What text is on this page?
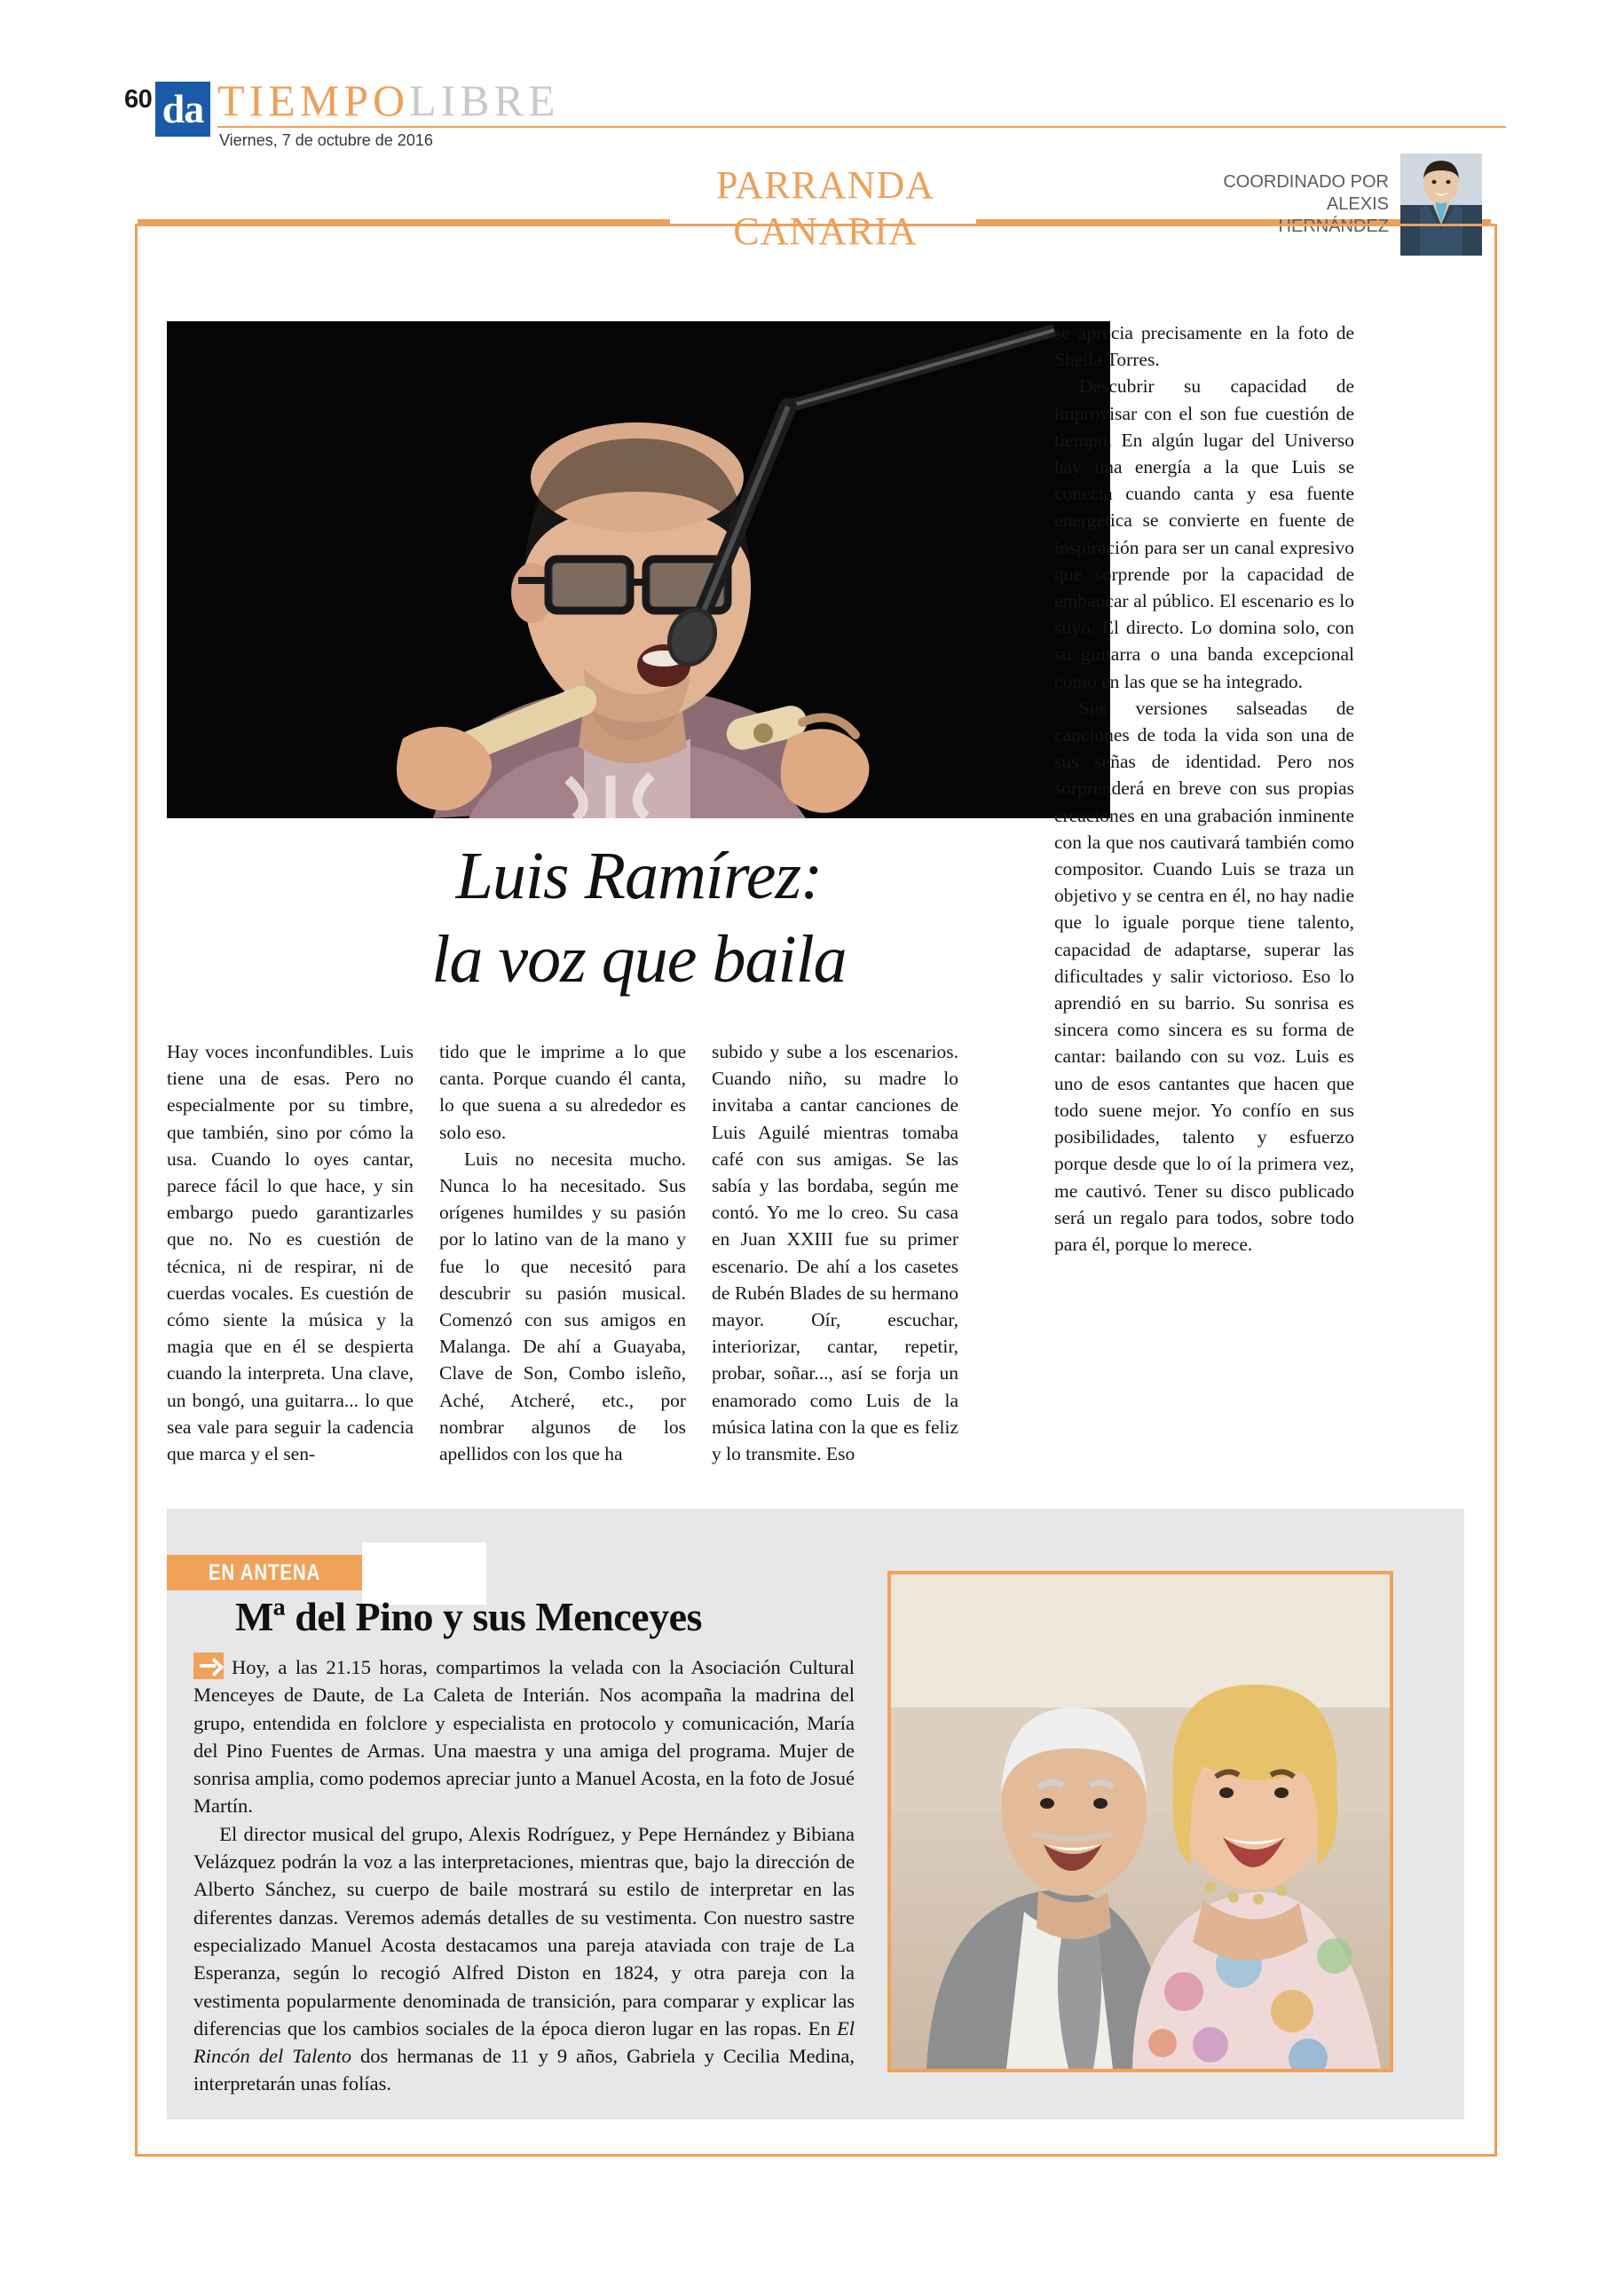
60 da TIEMPOLIBRE
Viernes, 7 de octubre de 2016
PARRANDA
CANARIA
COORDINADO POR
ALEXIS
HERNÁNDEZ
Luis Ramírez:
la voz que baila

Hay voces inconfundibles. Luis tiene una de esas. Pero no especialmente por su timbre, que también, sino por cómo la usa. Cuando lo oyes cantar, parece fácil lo que hace, y sin embargo puedo garantizarles que no. No es cuestión de técnica, ni de respirar, ni de cuerdas vocales. Es cuestión de cómo siente la música y la magia que en él se despierta cuando la interpreta. Una clave, un bongó, una guitarra... lo que sea vale para seguir la cadencia que marca y el sen-

tido que le imprime a lo que canta. Porque cuando él canta, lo que suena a su alrededor es solo eso.

Luis no necesita mucho. Nunca lo ha necesitado. Sus orígenes humildes y su pasión por lo latino van de la mano y fue lo que necesitó para descubrir su pasión musical. Comenzó con sus amigos en Malanga. De ahí a Guayaba, Clave de Son, Combo isleño, Aché, Atcheré, etc., por nombrar algunos de los apellidos con los que ha

subido y sube a los escenarios. Cuando niño, su madre lo invitaba a cantar canciones de Luis Aguilé mientras tomaba café con sus amigas. Se las sabía y las bordaba, según me contó. Yo me lo creo. Su casa en Juan XXIII fue su primer escenario. De ahí a los casetes de Rubén Blades de su hermano mayor. Oír, escuchar, interiorizar, cantar, repetir, probar, soñar..., así se forja un enamorado como Luis de la música latina con la que es feliz y lo transmite. Eso

se aprecia precisamente en la foto de Sheila Torres.

Descubrir su capacidad de improvisar con el son fue cuestión de tiempo. En algún lugar del Universo hay una energía a la que Luis se conecta cuando canta y esa fuente energética se convierte en fuente de inspiración para ser un canal expresivo que sorprende por la capacidad de embaucar al público. El escenario es lo suyo. El directo. Lo domina solo, con su guitarra o una banda excepcional como en las que se ha integrado.

Sus versiones salseadas de canciones de toda la vida son una de sus señas de identidad. Pero nos sorprenderá en breve con sus propias creaciones en una grabación inminente con la que nos cautivará también como compositor. Cuando Luis se traza un objetivo y se centra en él, no hay nadie que lo iguale porque tiene talento, capacidad de adaptarse, superar las dificultades y salir victorioso. Eso lo aprendió en su barrio. Su sonrisa es sincera como sincera es su forma de cantar: bailando con su voz. Luis es uno de esos cantantes que hacen que todo suene mejor. Yo confío en sus posibilidades, talento y esfuerzo porque desde que lo oí la primera vez, me cautivó. Tener su disco publicado será un regalo para todos, sobre todo para él, porque lo merece.

EN ANTENA
Mª del Pino y sus Menceyes

Hoy, a las 21.15 horas, compartimos la velada con la Asociación Cultural Menceyes de Daute, de La Caleta de Interián. Nos acompaña la madrina del grupo, entendida en folclore y especialista en protocolo y comunicación, María del Pino Fuentes de Armas. Una maestra y una amiga del programa. Mujer de sonrisa amplia, como podemos apreciar junto a Manuel Acosta, en la foto de Josué Martín.

El director musical del grupo, Alexis Rodríguez, y Pepe Hernández y Bibiana Velázquez podrán la voz a las interpretaciones, mientras que, bajo la dirección de Alberto Sánchez, su cuerpo de baile mostrará su estilo de interpretar en las diferentes danzas. Veremos además detalles de su vestimenta. Con nuestro sastre especializado Manuel Acosta destacamos una pareja ataviada con traje de La Esperanza, según lo recogió Alfred Diston en 1824, y otra pareja con la vestimenta popularmente denominada de transición, para comparar y explicar las diferencias que los cambios sociales de la época dieron lugar en las ropas. En El Rincón del Talento dos hermanas de 11 y 9 años, Gabriela y Cecilia Medina, interpretarán unas folías.
